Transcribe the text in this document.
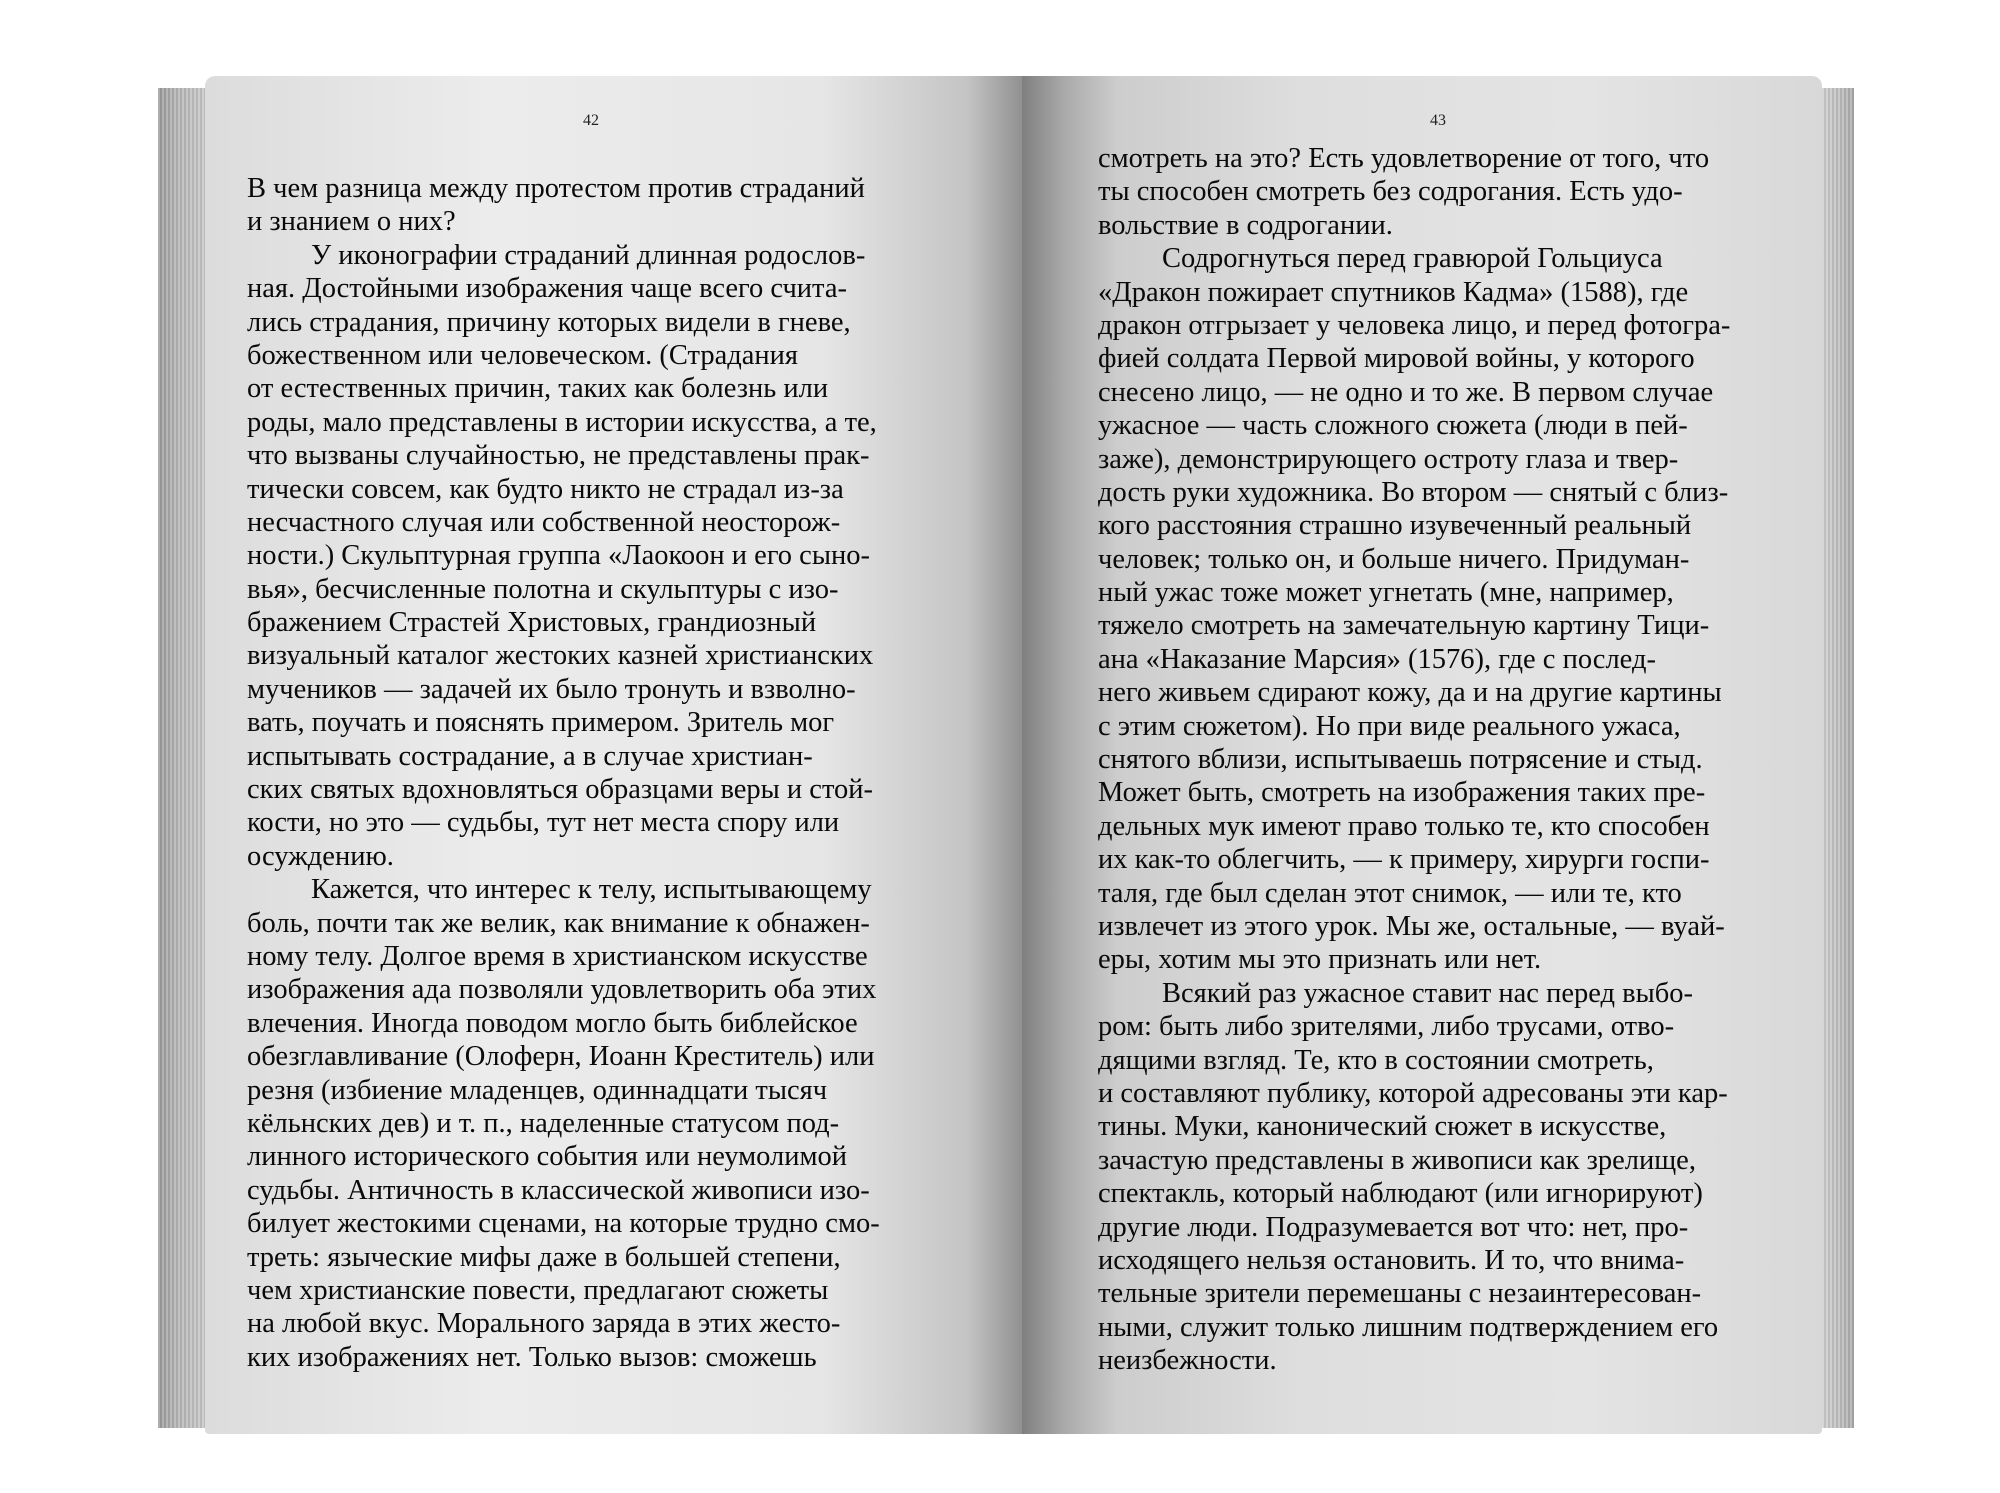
42
В чем разница между протестом против страданий
и знанием о них?
У иконографии страданий длинная родослов-
ная. Достойными изображения чаще всего счита-
лись страдания, причину которых видели в гневе,
божественном или человеческом. (Страдания
от естественных причин, таких как болезнь или
роды, мало представлены в истории искусства, а те,
что вызваны случайностью, не представлены прак-
тически совсем, как будто никто не страдал из-за
несчастного случая или собственной неосторож-
ности.) Скульптурная группа «Лаокоон и его сыно-
вья», бесчисленные полотна и скульптуры с изо-
бражением Страстей Христовых, грандиозный
визуальный каталог жестоких казней христианских
мучеников — задачей их было тронуть и взволно-
вать, поучать и пояснять примером. Зритель мог
испытывать сострадание, а в случае христиан-
ских святых вдохновляться образцами веры и стой-
кости, но это — судьбы, тут нет места спору или
осуждению.
Кажется, что интерес к телу, испытывающему
боль, почти так же велик, как внимание к обнажен-
ному телу. Долгое время в христианском искусстве
изображения ада позволяли удовлетворить оба этих
влечения. Иногда поводом могло быть библейское
обезглавливание (Олоферн, Иоанн Креститель) или
резня (избиение младенцев, одиннадцати тысяч
кёльнских дев) и т. п., наделенные статусом под-
линного исторического события или неумолимой
судьбы. Античность в классической живописи изо-
билует жестокими сценами, на которые трудно смо-
треть: языческие мифы даже в большей степени,
чем христианские повести, предлагают сюжеты
на любой вкус. Морального заряда в этих жесто-
ких изображениях нет. Только вызов: сможешь
43
смотреть на это? Есть удовлетворение от того, что
ты способен смотреть без содрогания. Есть удо-
вольствие в содрогании.
Содрогнуться перед гравюрой Гольциуса
«Дракон пожирает спутников Кадма» (1588), где
дракон отгрызает у человека лицо, и перед фотогра-
фией солдата Первой мировой войны, у которого
снесено лицо, — не одно и то же. В первом случае
ужасное — часть сложного сюжета (люди в пей-
заже), демонстрирующего остроту глаза и твер-
дость руки художника. Во втором — снятый с близ-
кого расстояния страшно изувеченный реальный
человек; только он, и больше ничего. Придуман-
ный ужас тоже может угнетать (мне, например,
тяжело смотреть на замечательную картину Тици-
ана «Наказание Марсия» (1576), где с послед-
него живьем сдирают кожу, да и на другие картины
с этим сюжетом). Но при виде реального ужаса,
снятого вблизи, испытываешь потрясение и стыд.
Может быть, смотреть на изображения таких пре-
дельных мук имеют право только те, кто способен
их как-то облегчить, — к примеру, хирурги госпи-
таля, где был сделан этот снимок, — или те, кто
извлечет из этого урок. Мы же, остальные, — вуай-
еры, хотим мы это признать или нет.
Всякий раз ужасное ставит нас перед выбо-
ром: быть либо зрителями, либо трусами, отво-
дящими взгляд. Те, кто в состоянии смотреть,
и составляют публику, которой адресованы эти кар-
тины. Муки, канонический сюжет в искусстве,
зачастую представлены в живописи как зрелище,
спектакль, который наблюдают (или игнорируют)
другие люди. Подразумевается вот что: нет, про-
исходящего нельзя остановить. И то, что внима-
тельные зрители перемешаны с незаинтересован-
ными, служит только лишним подтверждением его
неизбежности.
